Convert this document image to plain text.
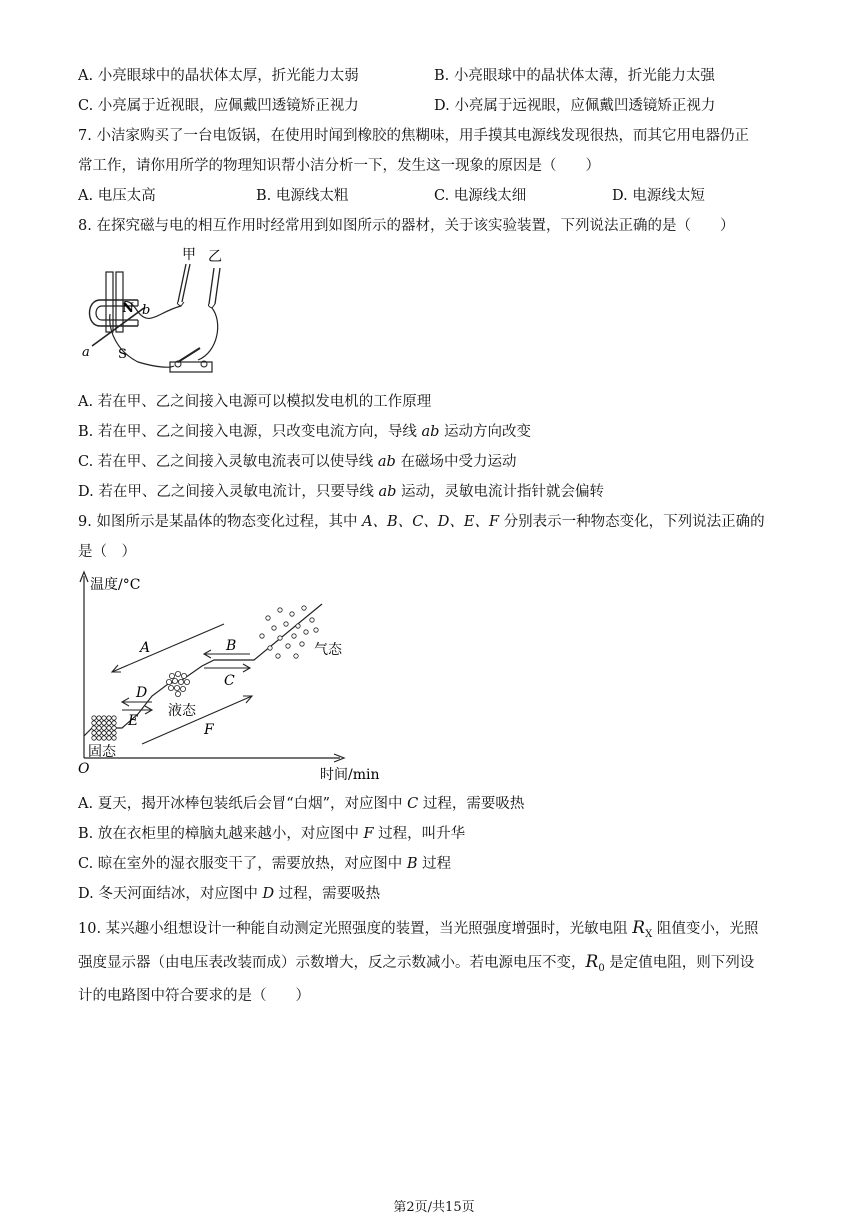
A. 小亮眼球中的晶状体太厚，折光能力太弱	B. 小亮眼球中的晶状体太薄，折光能力太强
C. 小亮属于近视眼，应佩戴凹透镜矫正视力	D. 小亮属于远视眼，应佩戴凹透镜矫正视力
7. 小洁家购买了一台电饭锅，在使用时闻到橡胶的焦糊味，用手摸其电源线发现很热，而其它用电器仍正
常工作，请你用所学的物理知识帮小洁分析一下，发生这一现象的原因是（　　）
A. 电压太高	B. 电源线太粗	C. 电源线太细	D. 电源线太短
8. 在探究磁与电的相互作用时经常用到如图所示的器材，关于该实验装置，下列说法正确的是（　　）
甲 乙
N
S
a
b
A. 若在甲、乙之间接入电源可以模拟发电机的工作原理
B. 若在甲、乙之间接入电源，只改变电流方向，导线 ab 运动方向改变
C. 若在甲、乙之间接入灵敏电流表可以使导线 ab 在磁场中受力运动
D. 若在甲、乙之间接入灵敏电流计，只要导线 ab 运动，灵敏电流计指针就会偏转
9. 如图所示是某晶体的物态变化过程，其中 A、B、C、D、E、F 分别表示一种物态变化，下列说法正确的
是（　）
温度/°C
时间/min
O
固态
液态
气态
A	B
C
D
E
F
A. 夏天，揭开冰棒包装纸后会冒“白烟”，对应图中 C 过程，需要吸热
B. 放在衣柜里的樟脑丸越来越小，对应图中 F 过程，叫升华
C. 晾在室外的湿衣服变干了，需要放热，对应图中 B 过程
D. 冬天河面结冰，对应图中 D 过程，需要吸热
10. 某兴趣小组想设计一种能自动测定光照强度的装置，当光照强度增强时，光敏电阻 $R_X$ 阻值变小，光照
强度显示器（由电压表改装而成）示数增大，反之示数减小。若电源电压不变，$R_0$ 是定值电阻，则下列设
计的电路图中符合要求的是（　　）
第2页/共15页
